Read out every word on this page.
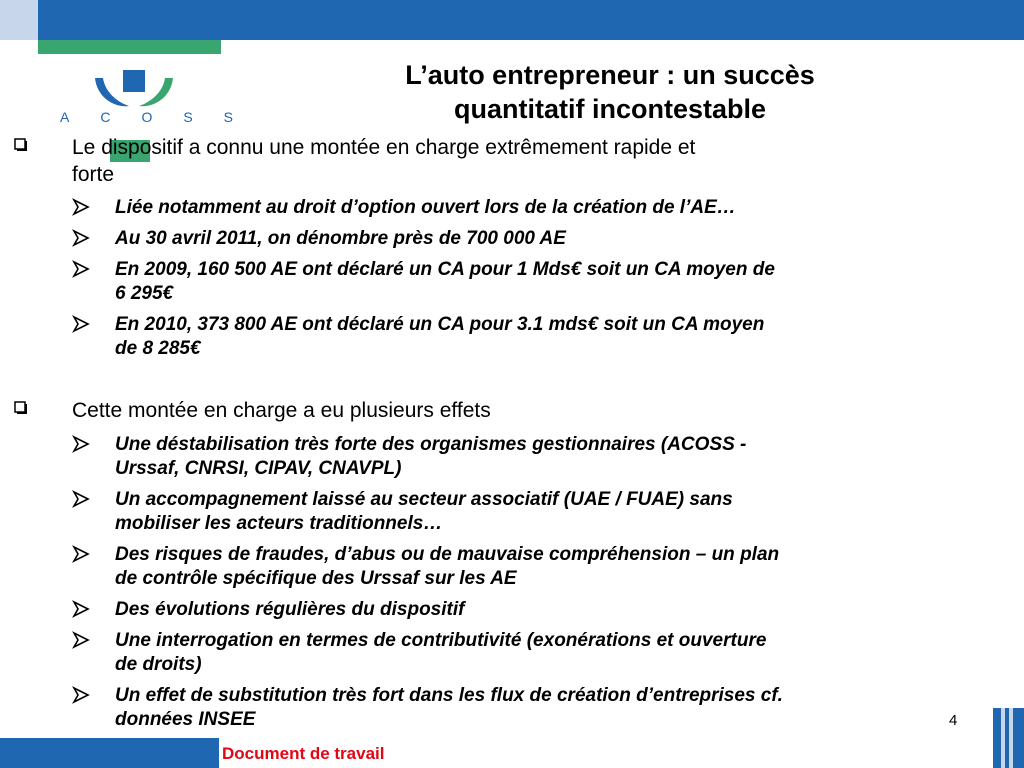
ACOSS
L’auto entrepreneur : un succès
quantitatif incontestable
Le dispositif a connu une montée en charge extrêmement rapide et
forte
Liée notamment au droit d’option ouvert lors de la création de l’AE…
Au 30 avril 2011, on dénombre près de 700 000 AE
En 2009, 160 500 AE ont déclaré un CA pour 1 Mds€ soit un CA moyen de
6 295€
En 2010, 373 800 AE ont déclaré un CA pour 3.1 mds€ soit un CA moyen
de 8 285€
Cette montée en charge a eu plusieurs effets
Une déstabilisation très forte des organismes gestionnaires (ACOSS -
Urssaf, CNRSI, CIPAV, CNAVPL)
Un accompagnement laissé au secteur associatif (UAE / FUAE) sans
mobiliser les acteurs traditionnels…
Des risques de fraudes, d’abus ou de mauvaise compréhension – un plan
de contrôle spécifique des Urssaf sur les AE
Des évolutions régulières du dispositif
Une interrogation en termes de contributivité (exonérations et ouverture
de droits)
Un effet de substitution très fort dans les flux de création d’entreprises cf.
données INSEE	4
Document de travail
